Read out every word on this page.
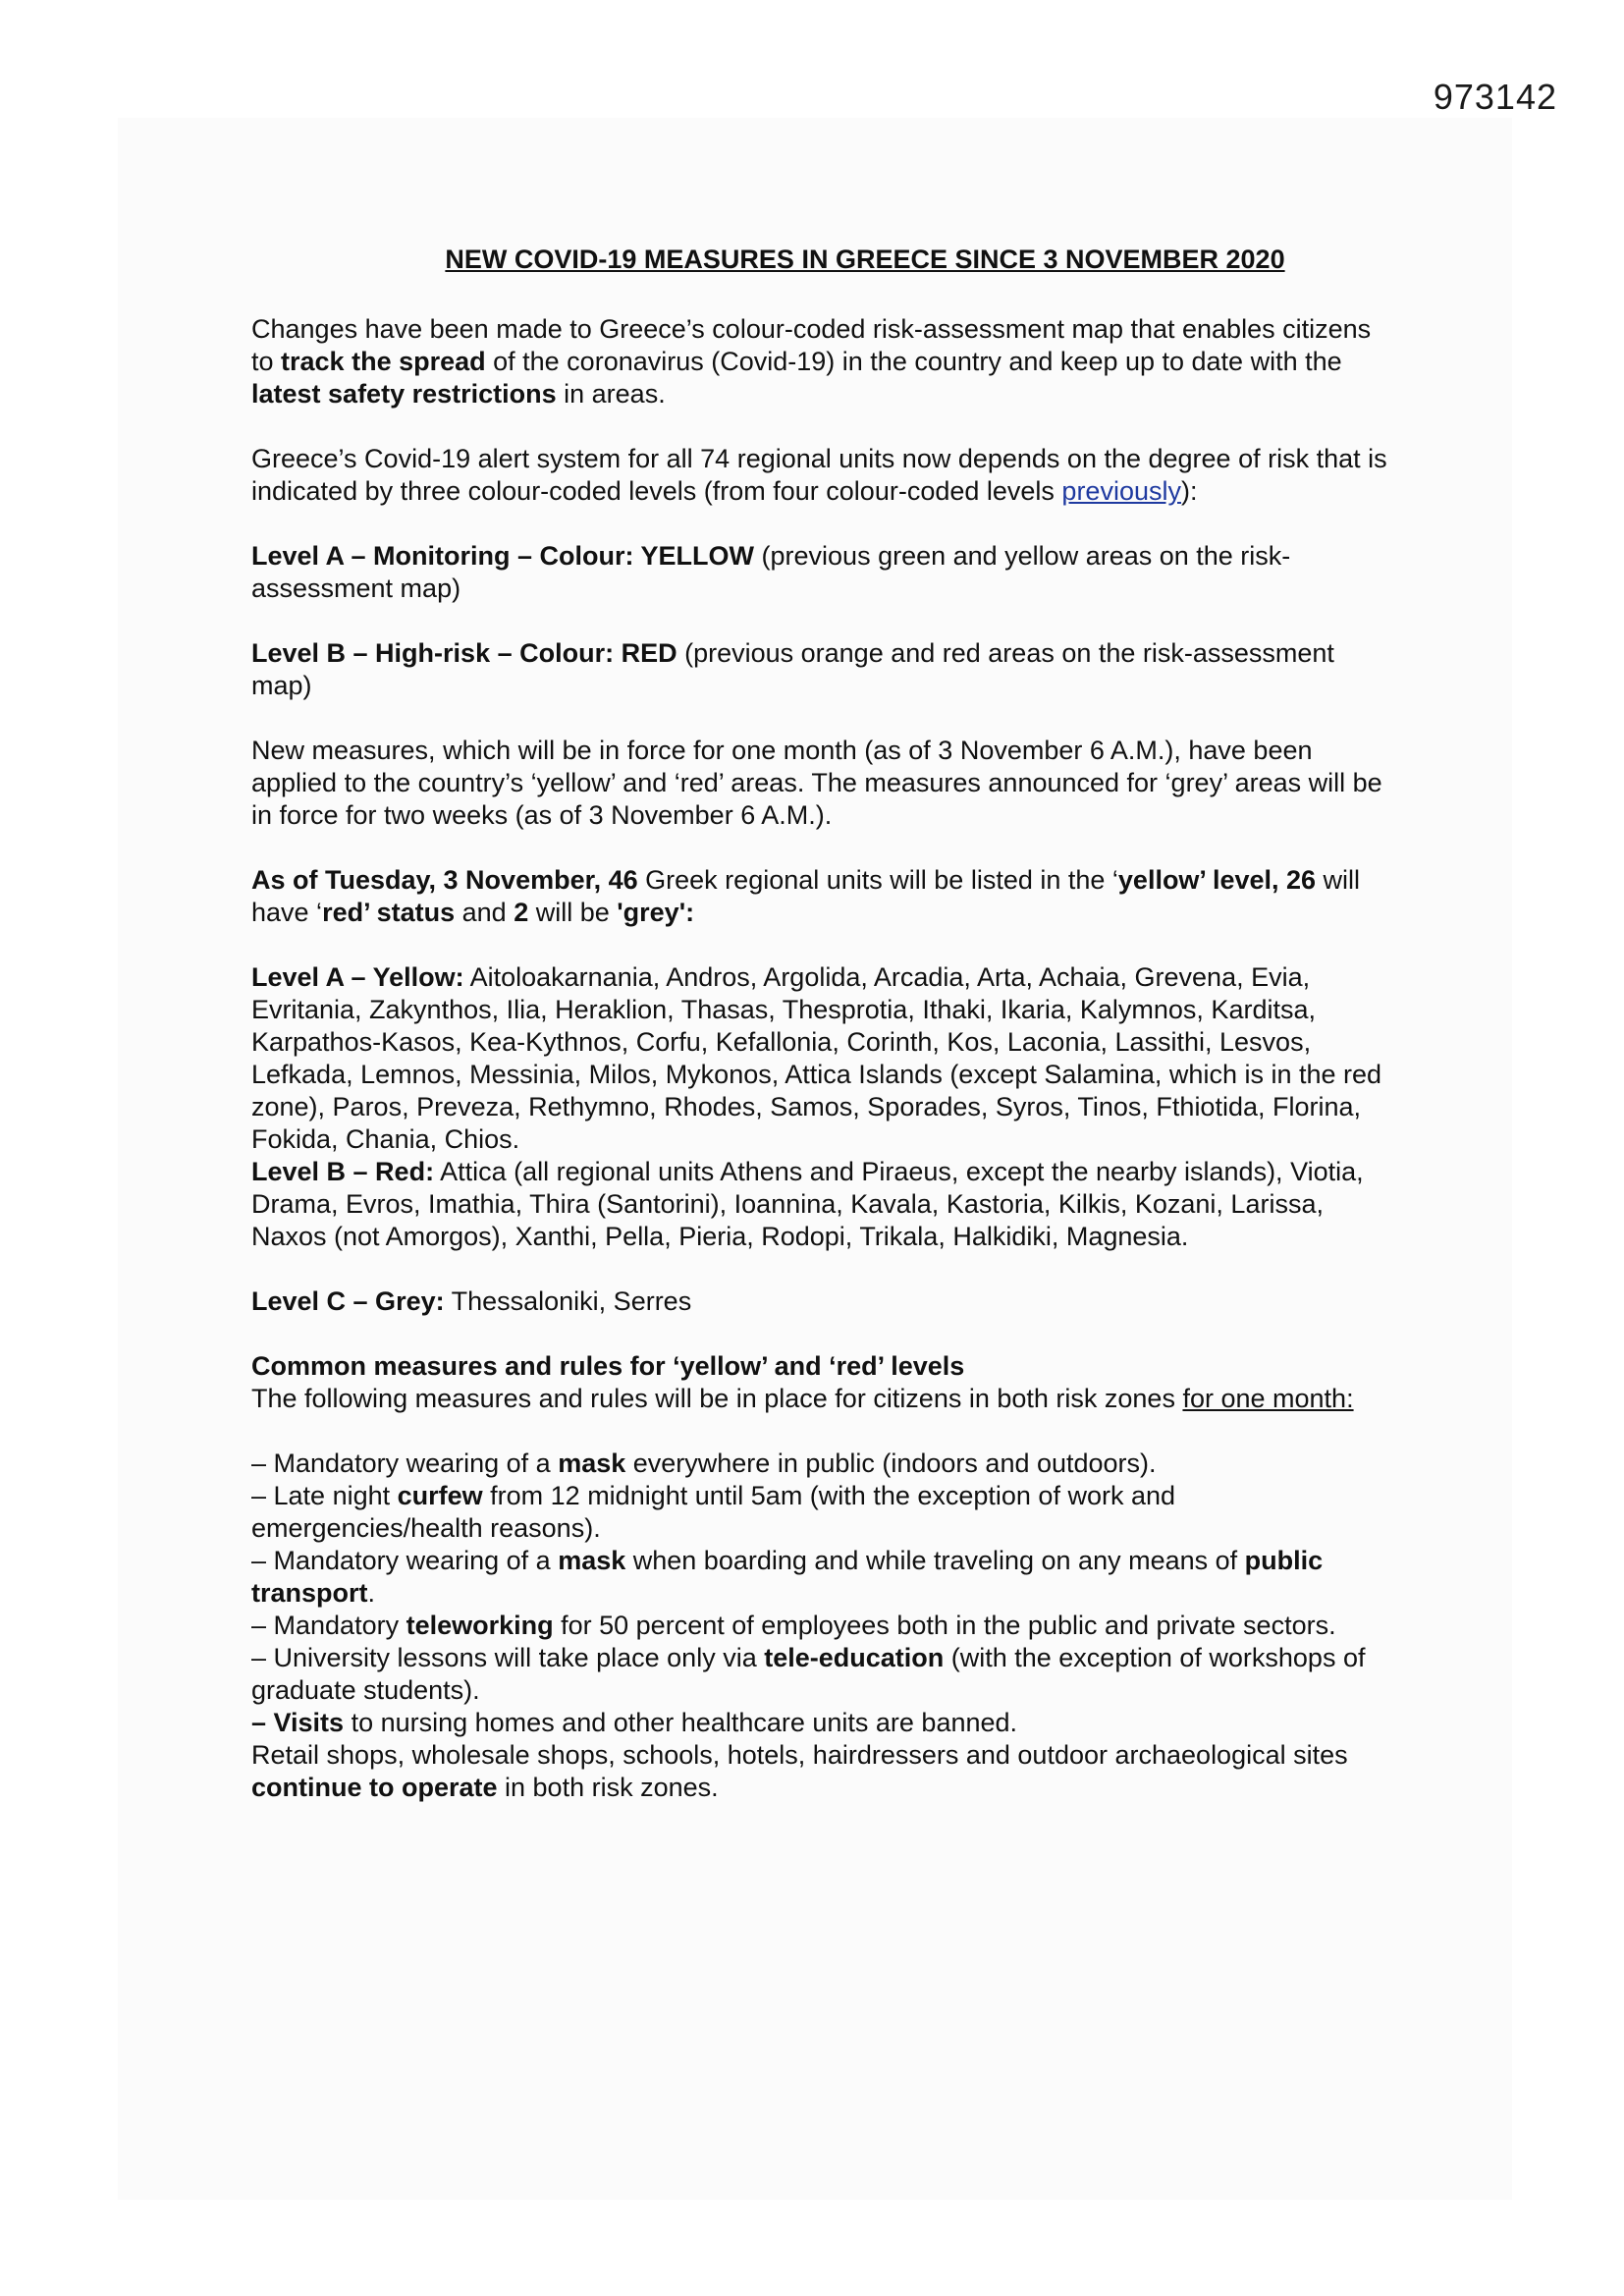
973142
NEW COVID-19 MEASURES IN GREECE SINCE 3 NOVEMBER 2020

Changes have been made to Greece’s colour-coded risk-assessment map that enables citizens to track the spread of the coronavirus (Covid-19) in the country and keep up to date with the latest safety restrictions in areas.

Greece’s Covid-19 alert system for all 74 regional units now depends on the degree of risk that is indicated by three colour-coded levels (from four colour-coded levels previously):

Level A – Monitoring – Colour: YELLOW (previous green and yellow areas on the risk-assessment map)

Level B – High-risk – Colour: RED (previous orange and red areas on the risk-assessment map)

New measures, which will be in force for one month (as of 3 November 6 A.M.), have been applied to the country’s ‘yellow’ and ‘red’ areas. The measures announced for ‘grey’ areas will be in force for two weeks (as of 3 November 6 A.M.).

As of Tuesday, 3 November, 46 Greek regional units will be listed in the ‘yellow’ level, 26 will have ‘red’ status and 2 will be 'grey':

Level A – Yellow: Aitoloakarnania, Andros, Argolida, Arcadia, Arta, Achaia, Grevena, Evia, Evritania, Zakynthos, Ilia, Heraklion, Thasas, Thesprotia, Ithaki, Ikaria, Kalymnos, Karditsa, Karpathos-Kasos, Kea-Kythnos, Corfu, Kefallonia, Corinth, Kos, Laconia, Lassithi, Lesvos, Lefkada, Lemnos, Messinia, Milos, Mykonos, Attica Islands (except Salamina, which is in the red zone), Paros, Preveza, Rethymno, Rhodes, Samos, Sporades, Syros, Tinos, Fthiotida, Florina, Fokida, Chania, Chios.

Level B – Red: Attica (all regional units Athens and Piraeus, except the nearby islands), Viotia, Drama, Evros, Imathia, Thira (Santorini), Ioannina, Kavala, Kastoria, Kilkis, Kozani, Larissa, Naxos (not Amorgos), Xanthi, Pella, Pieria, Rodopi, Trikala, Halkidiki, Magnesia.

Level C – Grey: Thessaloniki, Serres

Common measures and rules for ‘yellow’ and ‘red’ levels
The following measures and rules will be in place for citizens in both risk zones for one month:

– Mandatory wearing of a mask everywhere in public (indoors and outdoors).
– Late night curfew from 12 midnight until 5am (with the exception of work and emergencies/health reasons).
– Mandatory wearing of a mask when boarding and while traveling on any means of public transport.
– Mandatory teleworking for 50 percent of employees both in the public and private sectors.
– University lessons will take place only via tele-education (with the exception of workshops of graduate students).
– Visits to nursing homes and other healthcare units are banned.
Retail shops, wholesale shops, schools, hotels, hairdressers and outdoor archaeological sites continue to operate in both risk zones.
